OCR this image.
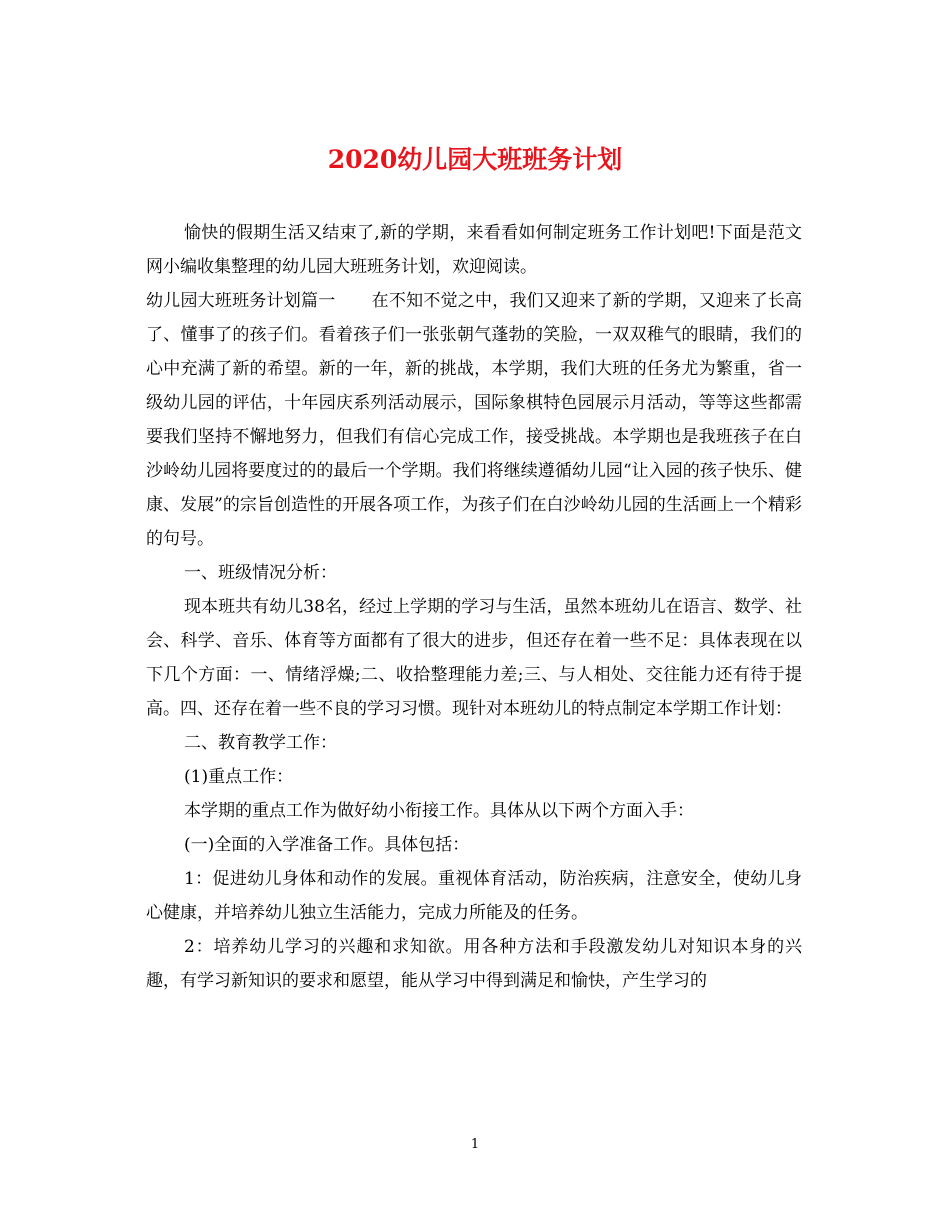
2020幼儿园大班班务计划

愉快的假期生活又结束了,新的学期，来看看如何制定班务工作计划吧!下面是范文网小编收集整理的幼儿园大班班务计划，欢迎阅读。

幼儿园大班班务计划篇一 在不知不觉之中，我们又迎来了新的学期，又迎来了长高了、懂事了的孩子们。看着孩子们一张张朝气蓬勃的笑脸，一双双稚气的眼睛，我们的心中充满了新的希望。新的一年，新的挑战，本学期，我们大班的任务尤为繁重，省一级幼儿园的评估，十年园庆系列活动展示，国际象棋特色园展示月活动，等等这些都需要我们坚持不懈地努力，但我们有信心完成工作，接受挑战。本学期也是我班孩子在白沙岭幼儿园将要度过的的最后一个学期。我们将继续遵循幼儿园“让入园的孩子快乐、健康、发展”的宗旨创造性的开展各项工作，为孩子们在白沙岭幼儿园的生活画上一个精彩的句号。

一、班级情况分析：

现本班共有幼儿38名，经过上学期的学习与生活，虽然本班幼儿在语言、数学、社会、科学、音乐、体育等方面都有了很大的进步，但还存在着一些不足：具体表现在以下几个方面：一、情绪浮燥;二、收拾整理能力差;三、与人相处、交往能力还有待于提高。四、还存在着一些不良的学习习惯。现针对本班幼儿的特点制定本学期工作计划：

二、教育教学工作：

(1)重点工作：

本学期的重点工作为做好幼小衔接工作。具体从以下两个方面入手：

(一)全面的入学准备工作。具体包括：

1：促进幼儿身体和动作的发展。重视体育活动，防治疾病，注意安全，使幼儿身心健康，并培养幼儿独立生活能力，完成力所能及的任务。

2：培养幼儿学习的兴趣和求知欲。用各种方法和手段激发幼儿对知识本身的兴趣，有学习新知识的要求和愿望，能从学习中得到满足和愉快，产生学习的

1
